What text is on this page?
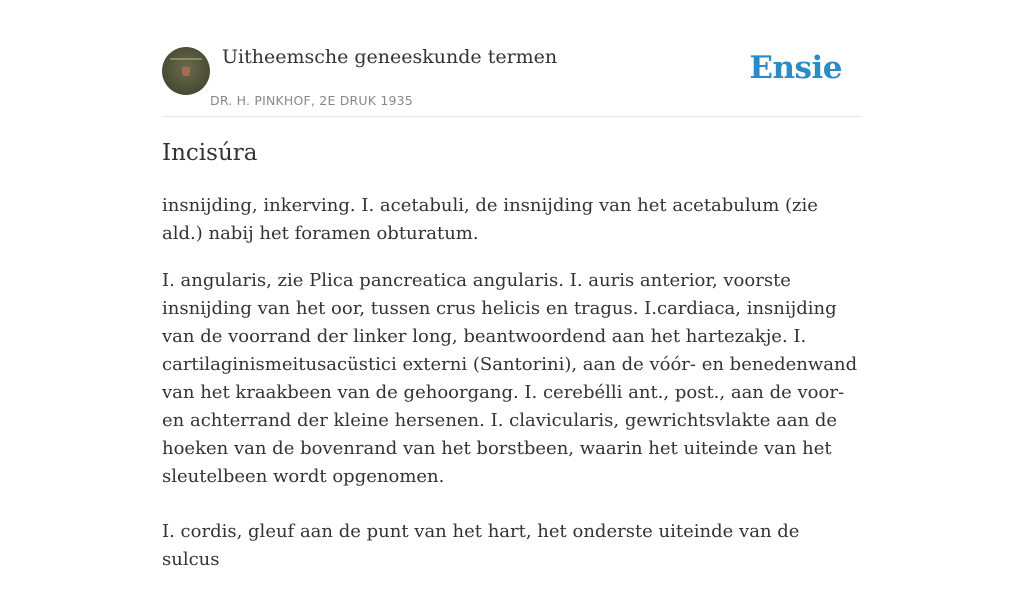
Uitheemsche geneeskunde termen
DR. H. PINKHOF, 2E DRUK 1935
Ensie
Incisúra

insnijding, inkerving. I. acetabuli, de insnijding van het acetabulum (zie ald.) nabij het foramen obturatum.

I. angularis, zie Plica pancreatica angularis. I. auris anterior, voorste insnijding van het oor, tussen crus helicis en tragus. I.cardiaca, insnijding van de voorrand der linker long, beantwoordend aan het hartezakje. I. cartilaginismeitusacüstici externi (Santorini), aan de vóór- en benedenwand van het kraakbeen van de gehoorgang. I. cerebélli ant., post., aan de voor- en achterrand der kleine hersenen. I. clavicularis, gewrichtsvlakte aan de hoeken van de bovenrand van het borstbeen, waarin het uiteinde van het sleutelbeen wordt opgenomen.

I. cordis, gleuf aan de punt van het hart, het onderste uiteinde van de sulcus
